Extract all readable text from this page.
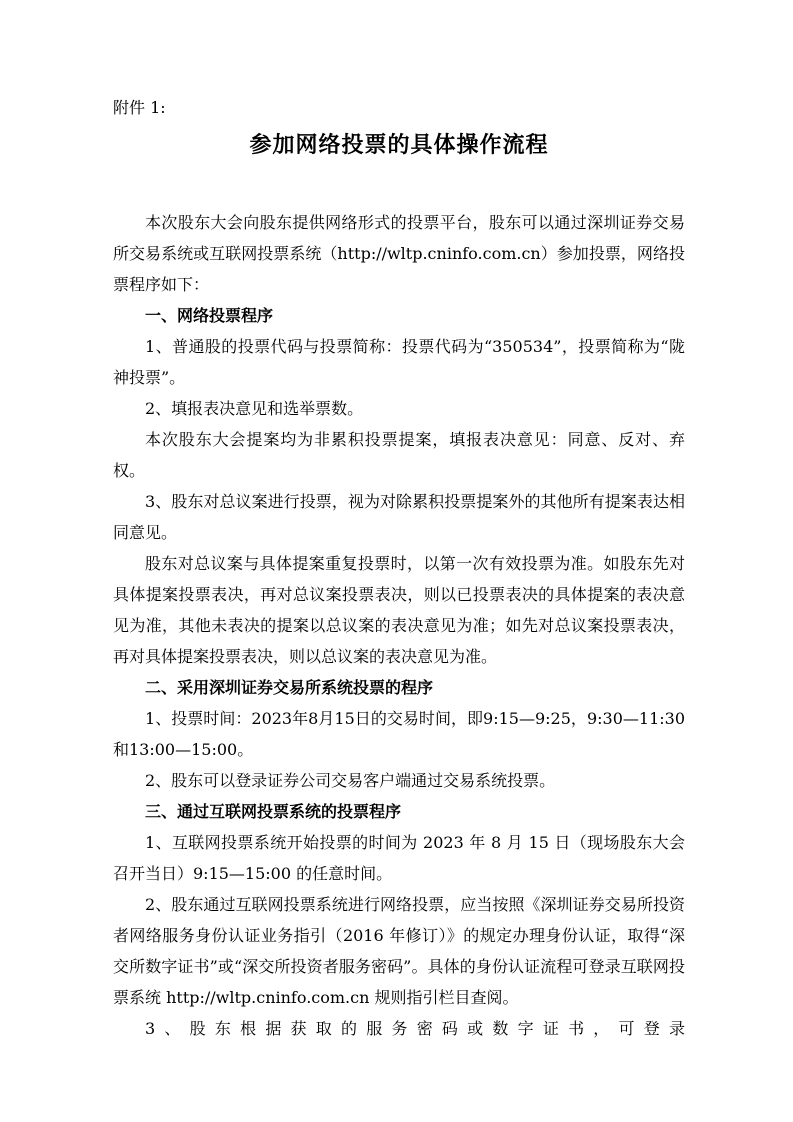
附件 1:
参加网络投票的具体操作流程

本次股东大会向股东提供网络形式的投票平台，股东可以通过深圳证券交易所交易系统或互联网投票系统（http://wltp.cninfo.com.cn）参加投票，网络投票程序如下：

一、网络投票程序

1、普通股的投票代码与投票简称：投票代码为“350534”，投票简称为“陇神投票”。

2、填报表决意见和选举票数。

本次股东大会提案均为非累积投票提案，填报表决意见：同意、反对、弃权。

3、股东对总议案进行投票，视为对除累积投票提案外的其他所有提案表达相同意见。

股东对总议案与具体提案重复投票时，以第一次有效投票为准。如股东先对具体提案投票表决，再对总议案投票表决，则以已投票表决的具体提案的表决意见为准，其他未表决的提案以总议案的表决意见为准；如先对总议案投票表决，再对具体提案投票表决，则以总议案的表决意见为准。

二、采用深圳证券交易所系统投票的程序

1、投票时间：2023年8月15日的交易时间，即9:15—9:25，9:30—11:30和13:00—15:00。

2、股东可以登录证券公司交易客户端通过交易系统投票。

三、通过互联网投票系统的投票程序

1、互联网投票系统开始投票的时间为 2023 年 8 月 15 日（现场股东大会召开当日）9:15—15:00 的任意时间。

2、股东通过互联网投票系统进行网络投票，应当按照《深圳证券交易所投资者网络服务身份认证业务指引（2016 年修订）》的规定办理身份认证，取得“深交所数字证书”或“深交所投资者服务密码”。具体的身份认证流程可登录互联网投票系统 http://wltp.cninfo.com.cn 规则指引栏目查阅。

3、股东根据获取的服务密码或数字证书，可登录
